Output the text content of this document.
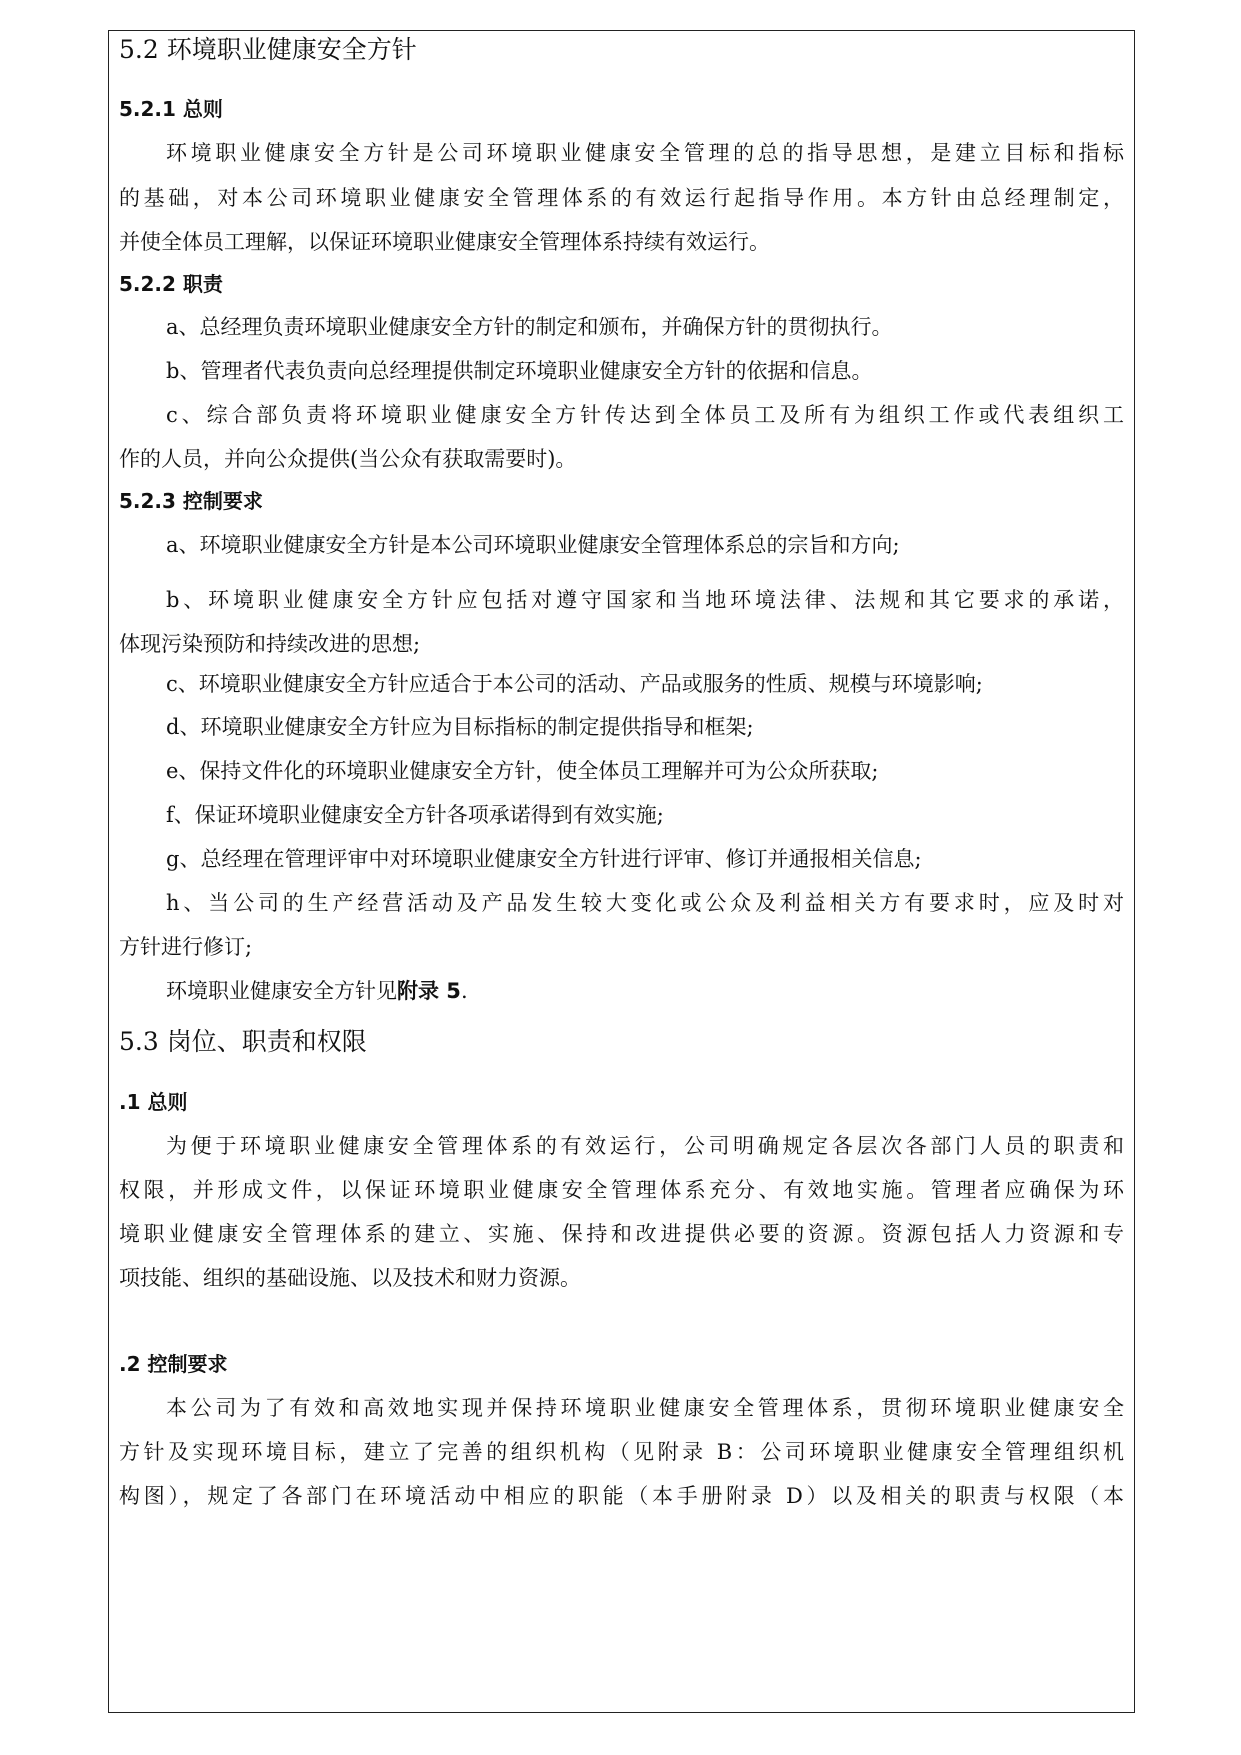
5.2 环境职业健康安全方针
5.2.1 总则
环境职业健康安全方针是公司环境职业健康安全管理的总的指导思想，是建立目标和指标
的基础，对本公司环境职业健康安全管理体系的有效运行起指导作用。本方针由总经理制定，
并使全体员工理解，以保证环境职业健康安全管理体系持续有效运行。
5.2.2 职责
a、总经理负责环境职业健康安全方针的制定和颁布，并确保方针的贯彻执行。
b、管理者代表负责向总经理提供制定环境职业健康安全方针的依据和信息。
c、综合部负责将环境职业健康安全方针传达到全体员工及所有为组织工作或代表组织工
作的人员，并向公众提供(当公众有获取需要时)。
5.2.3 控制要求
a、环境职业健康安全方针是本公司环境职业健康安全管理体系总的宗旨和方向;
b、环境职业健康安全方针应包括对遵守国家和当地环境法律、法规和其它要求的承诺，
体现污染预防和持续改进的思想;
c、环境职业健康安全方针应适合于本公司的活动、产品或服务的性质、规模与环境影响;
d、环境职业健康安全方针应为目标指标的制定提供指导和框架;
e、保持文件化的环境职业健康安全方针，使全体员工理解并可为公众所获取;
f、保证环境职业健康安全方针各项承诺得到有效实施;
g、总经理在管理评审中对环境职业健康安全方针进行评审、修订并通报相关信息;
h、当公司的生产经营活动及产品发生较大变化或公众及利益相关方有要求时，应及时对
方针进行修订;
环境职业健康安全方针见附录 5.
5.3 岗位、职责和权限
.1 总则
为便于环境职业健康安全管理体系的有效运行，公司明确规定各层次各部门人员的职责和
权限，并形成文件，以保证环境职业健康安全管理体系充分、有效地实施。管理者应确保为环
境职业健康安全管理体系的建立、实施、保持和改进提供必要的资源。资源包括人力资源和专
项技能、组织的基础设施、以及技术和财力资源。
.2 控制要求
本公司为了有效和高效地实现并保持环境职业健康安全管理体系，贯彻环境职业健康安全
方针及实现环境目标，建立了完善的组织机构（见附录 B：公司环境职业健康安全管理组织机
构图），规定了各部门在环境活动中相应的职能（本手册附录 D）以及相关的职责与权限（本
